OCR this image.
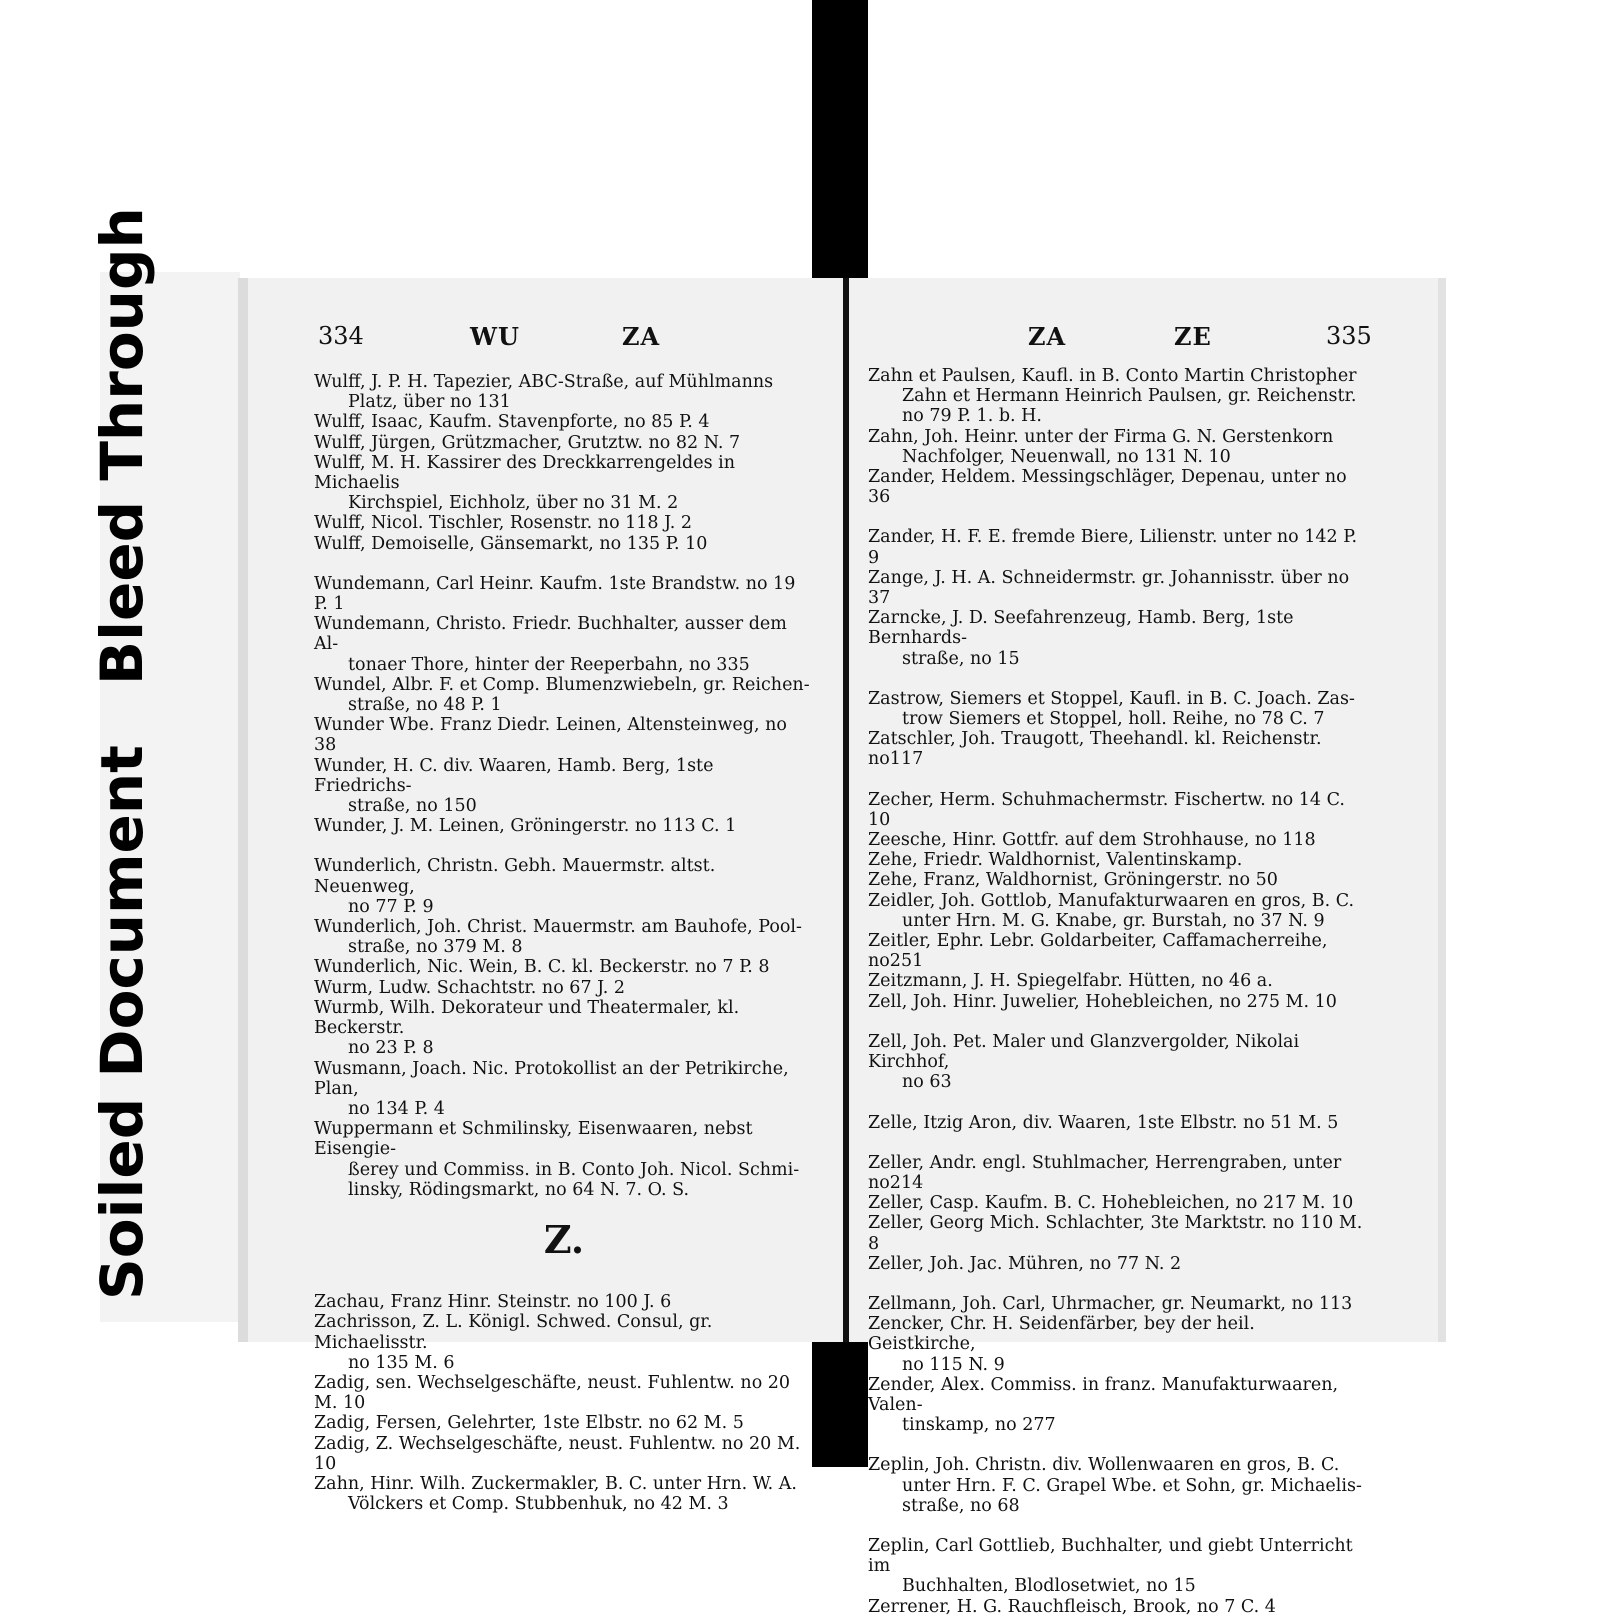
Soiled DocumentBleed Through	334	WU	ZA	ZA	ZE	335
Wulff, J. P. H. Tapezier, ABC-Straße, auf Mühlmanns

Platz, über no 131
Wulff, Isaac, Kaufm. Stavenpforte, no 85 P. 4

Wulff, Jürgen, Grützmacher, Grutztw. no 82 N. 7

Wulff, M. H. Kassirer des Dreckkarrengeldes in Michaelis

Kirchspiel, Eichholz, über no 31 M. 2
Wulff, Nicol. Tischler, Rosenstr. no 118 J. 2

Wulff, Demoiselle, Gänsemarkt, no 135 P. 10

Wundemann, Carl Heinr. Kaufm. 1ste Brandstw. no 19 P. 1

Wundemann, Christo. Friedr. Buchhalter, ausser dem Al-

tonaer Thore, hinter der Reeperbahn, no 335
Wundel, Albr. F. et Comp. Blumenzwiebeln, gr. Reichen-

straße, no 48 P. 1
Wunder Wbe. Franz Diedr. Leinen, Altensteinweg, no 38

Wunder, H. C. div. Waaren, Hamb. Berg, 1ste Friedrichs-

straße, no 150
Wunder, J. M. Leinen, Gröningerstr. no 113 C. 1

Wunderlich, Christn. Gebh. Mauermstr. altst. Neuenweg,

no 77 P. 9
Wunderlich, Joh. Christ. Mauermstr. am Bauhofe, Pool-

straße, no 379 M. 8
Wunderlich, Nic. Wein, B. C. kl. Beckerstr. no 7 P. 8

Wurm, Ludw. Schachtstr. no 67 J. 2

Wurmb, Wilh. Dekorateur und Theatermaler, kl. Beckerstr.

no 23 P. 8
Wusmann, Joach. Nic. Protokollist an der Petrikirche, Plan,

no 134 P. 4
Wuppermann et Schmilinsky, Eisenwaaren, nebst Eisengie-

ßerey und Commiss. in B. Conto Joh. Nicol. Schmi-
linsky, Rödingsmarkt, no 64 N. 7. O. S.
Z.
Zachau, Franz Hinr. Steinstr. no 100 J. 6

Zachrisson, Z. L. Königl. Schwed. Consul, gr. Michaelisstr.

no 135 M. 6
Zadig, sen. Wechselgeschäfte, neust. Fuhlentw. no 20 M. 10

Zadig, Fersen, Gelehrter, 1ste Elbstr. no 62 M. 5

Zadig, Z. Wechselgeschäfte, neust. Fuhlentw. no 20 M. 10

Zahn, Hinr. Wilh. Zuckermakler, B. C. unter Hrn. W. A.

Völckers et Comp. Stubbenhuk, no 42 M. 3
Zahn et Paulsen, Kaufl. in B. Conto Martin Christopher

Zahn et Hermann Heinrich Paulsen, gr. Reichenstr.
no 79 P. 1. b. H.
Zahn, Joh. Heinr. unter der Firma G. N. Gerstenkorn

Nachfolger, Neuenwall, no 131 N. 10
Zander, Heldem. Messingschläger, Depenau, unter no 36

Zander, H. F. E. fremde Biere, Lilienstr. unter no 142 P. 9

Zange, J. H. A. Schneidermstr. gr. Johannisstr. über no 37

Zarncke, J. D. Seefahrenzeug, Hamb. Berg, 1ste Bernhards-

straße, no 15
Zastrow, Siemers et Stoppel, Kaufl. in B. C. Joach. Zas-

trow Siemers et Stoppel, holl. Reihe, no 78 C. 7
Zatschler, Joh. Traugott, Theehandl. kl. Reichenstr. no117

Zecher, Herm. Schuhmachermstr. Fischertw. no 14 C. 10

Zeesche, Hinr. Gottfr. auf dem Strohhause, no 118

Zehe, Friedr. Waldhornist, Valentinskamp.

Zehe, Franz, Waldhornist, Gröningerstr. no 50

Zeidler, Joh. Gottlob, Manufakturwaaren en gros, B. C.

unter Hrn. M. G. Knabe, gr. Burstah, no 37 N. 9
Zeitler, Ephr. Lebr. Goldarbeiter, Caffamacherreihe, no251

Zeitzmann, J. H. Spiegelfabr. Hütten, no 46 a.

Zell, Joh. Hinr. Juwelier, Hohebleichen, no 275 M. 10

Zell, Joh. Pet. Maler und Glanzvergolder, Nikolai Kirchhof,

no 63
Zelle, Itzig Aron, div. Waaren, 1ste Elbstr. no 51 M. 5

Zeller, Andr. engl. Stuhlmacher, Herrengraben, unter no214

Zeller, Casp. Kaufm. B. C. Hohebleichen, no 217 M. 10

Zeller, Georg Mich. Schlachter, 3te Marktstr. no 110 M. 8

Zeller, Joh. Jac. Mühren, no 77 N. 2

Zellmann, Joh. Carl, Uhrmacher, gr. Neumarkt, no 113

Zencker, Chr. H. Seidenfärber, bey der heil. Geistkirche,

no 115 N. 9
Zender, Alex. Commiss. in franz. Manufakturwaaren, Valen-

tinskamp, no 277
Zeplin, Joh. Christn. div. Wollenwaaren en gros, B. C.

unter Hrn. F. C. Grapel Wbe. et Sohn, gr. Michaelis-
straße, no 68
Zeplin, Carl Gottlieb, Buchhalter, und giebt Unterricht im

Buchhalten, Blodlosetwiet, no 15
Zerrener, H. G. Rauchfleisch, Brook, no 7 C. 4
